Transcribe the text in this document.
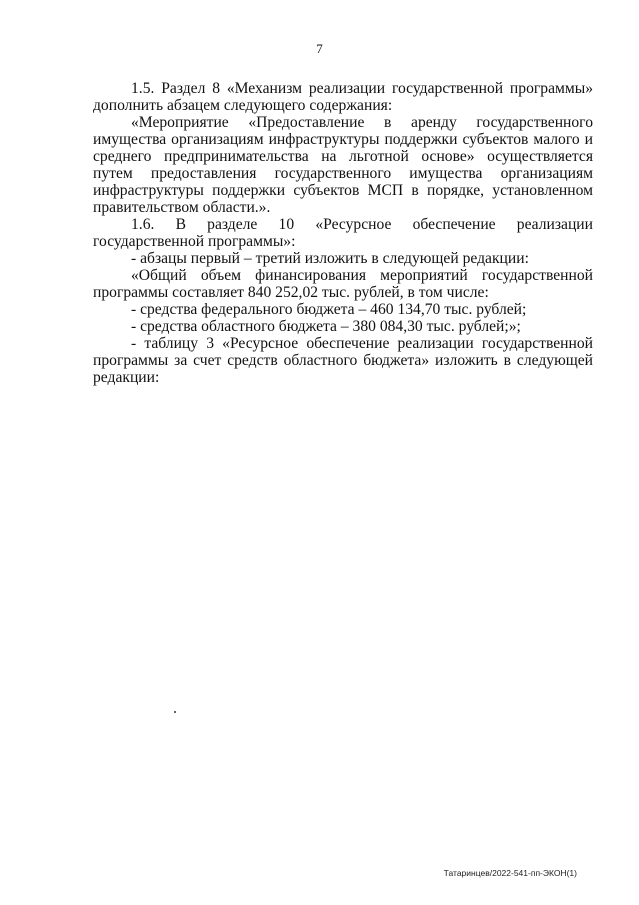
7

1.5. Раздел 8 «Механизм реализации государственной программы» дополнить абзацем следующего содержания:

«Мероприятие «Предоставление в аренду государственного имущества организациям инфраструктуры поддержки субъектов малого и среднего предпринимательства на льготной основе» осуществляется путем предоставления государственного имущества организациям инфраструктуры поддержки субъектов МСП в порядке, установленном правительством области.».

1.6. В разделе 10 «Ресурсное обеспечение реализации государственной программы»:

- абзацы первый – третий изложить в следующей редакции:

«Общий объем финансирования мероприятий государственной программы составляет 840 252,02 тыс. рублей, в том числе:

- средства федерального бюджета – 460 134,70 тыс. рублей;

- средства областного бюджета – 380 084,30 тыс. рублей;»;

- таблицу 3 «Ресурсное обеспечение реализации государственной программы за счет средств областного бюджета» изложить в следующей редакции:

Татаринцев/2022-541-пп-ЭКОН(1)
